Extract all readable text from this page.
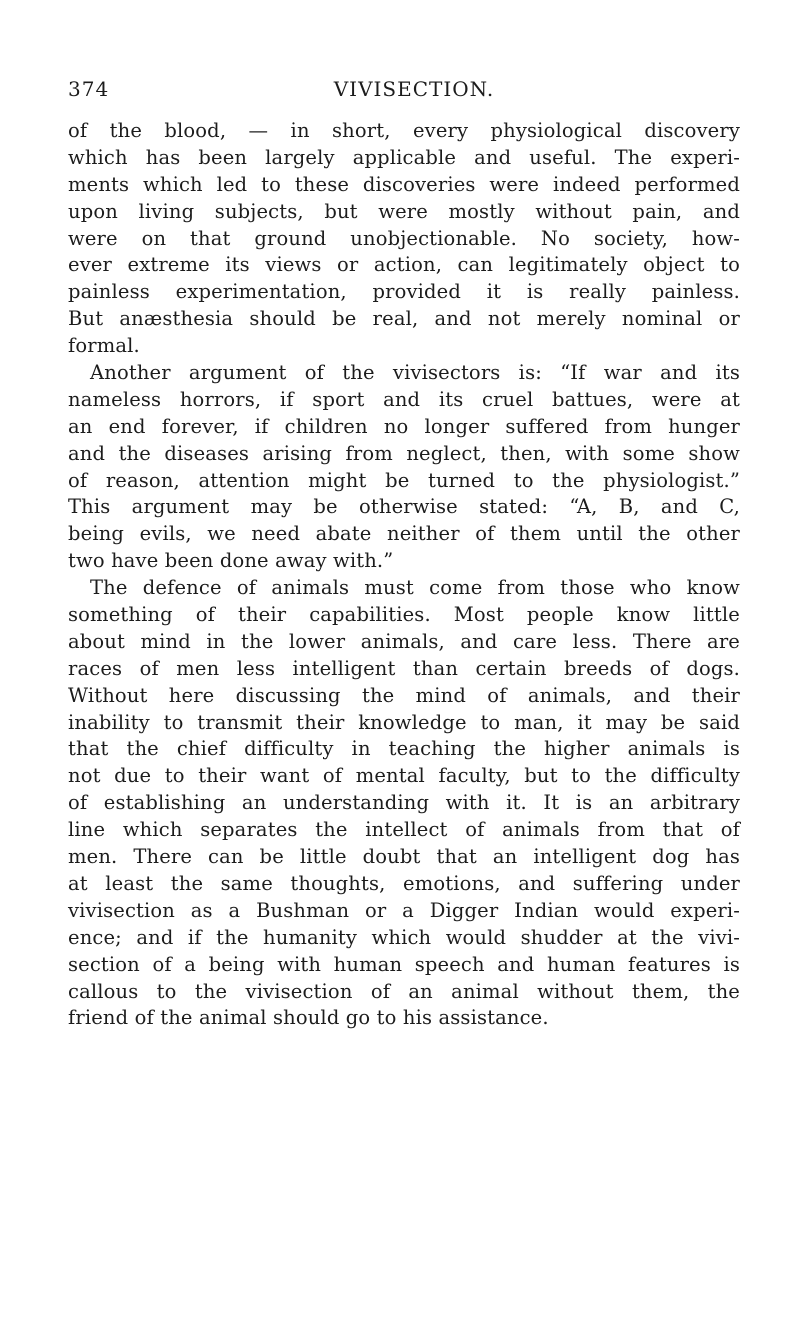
374	VIVISECTION.
of the blood, — in short, every physiological discovery
which has been largely applicable and useful. The experi-
ments which led to these discoveries were indeed performed
upon living subjects, but were mostly without pain, and
were on that ground unobjectionable. No society, how-
ever extreme its views or action, can legitimately object to
painless experimentation, provided it is really painless.
But anæsthesia should be real, and not merely nominal or
formal.
Another argument of the vivisectors is: “If war and its
nameless horrors, if sport and its cruel battues, were at
an end forever, if children no longer suffered from hunger
and the diseases arising from neglect, then, with some show
of reason, attention might be turned to the physiologist.”
This argument may be otherwise stated: “A, B, and C,
being evils, we need abate neither of them until the other
two have been done away with.”
The defence of animals must come from those who know
something of their capabilities. Most people know little
about mind in the lower animals, and care less. There are
races of men less intelligent than certain breeds of dogs.
Without here discussing the mind of animals, and their
inability to transmit their knowledge to man, it may be said
that the chief difficulty in teaching the higher animals is
not due to their want of mental faculty, but to the difficulty
of establishing an understanding with it. It is an arbitrary
line which separates the intellect of animals from that of
men. There can be little doubt that an intelligent dog has
at least the same thoughts, emotions, and suffering under
vivisection as a Bushman or a Digger Indian would experi-
ence; and if the humanity which would shudder at the vivi-
section of a being with human speech and human features is
callous to the vivisection of an animal without them, the
friend of the animal should go to his assistance.
